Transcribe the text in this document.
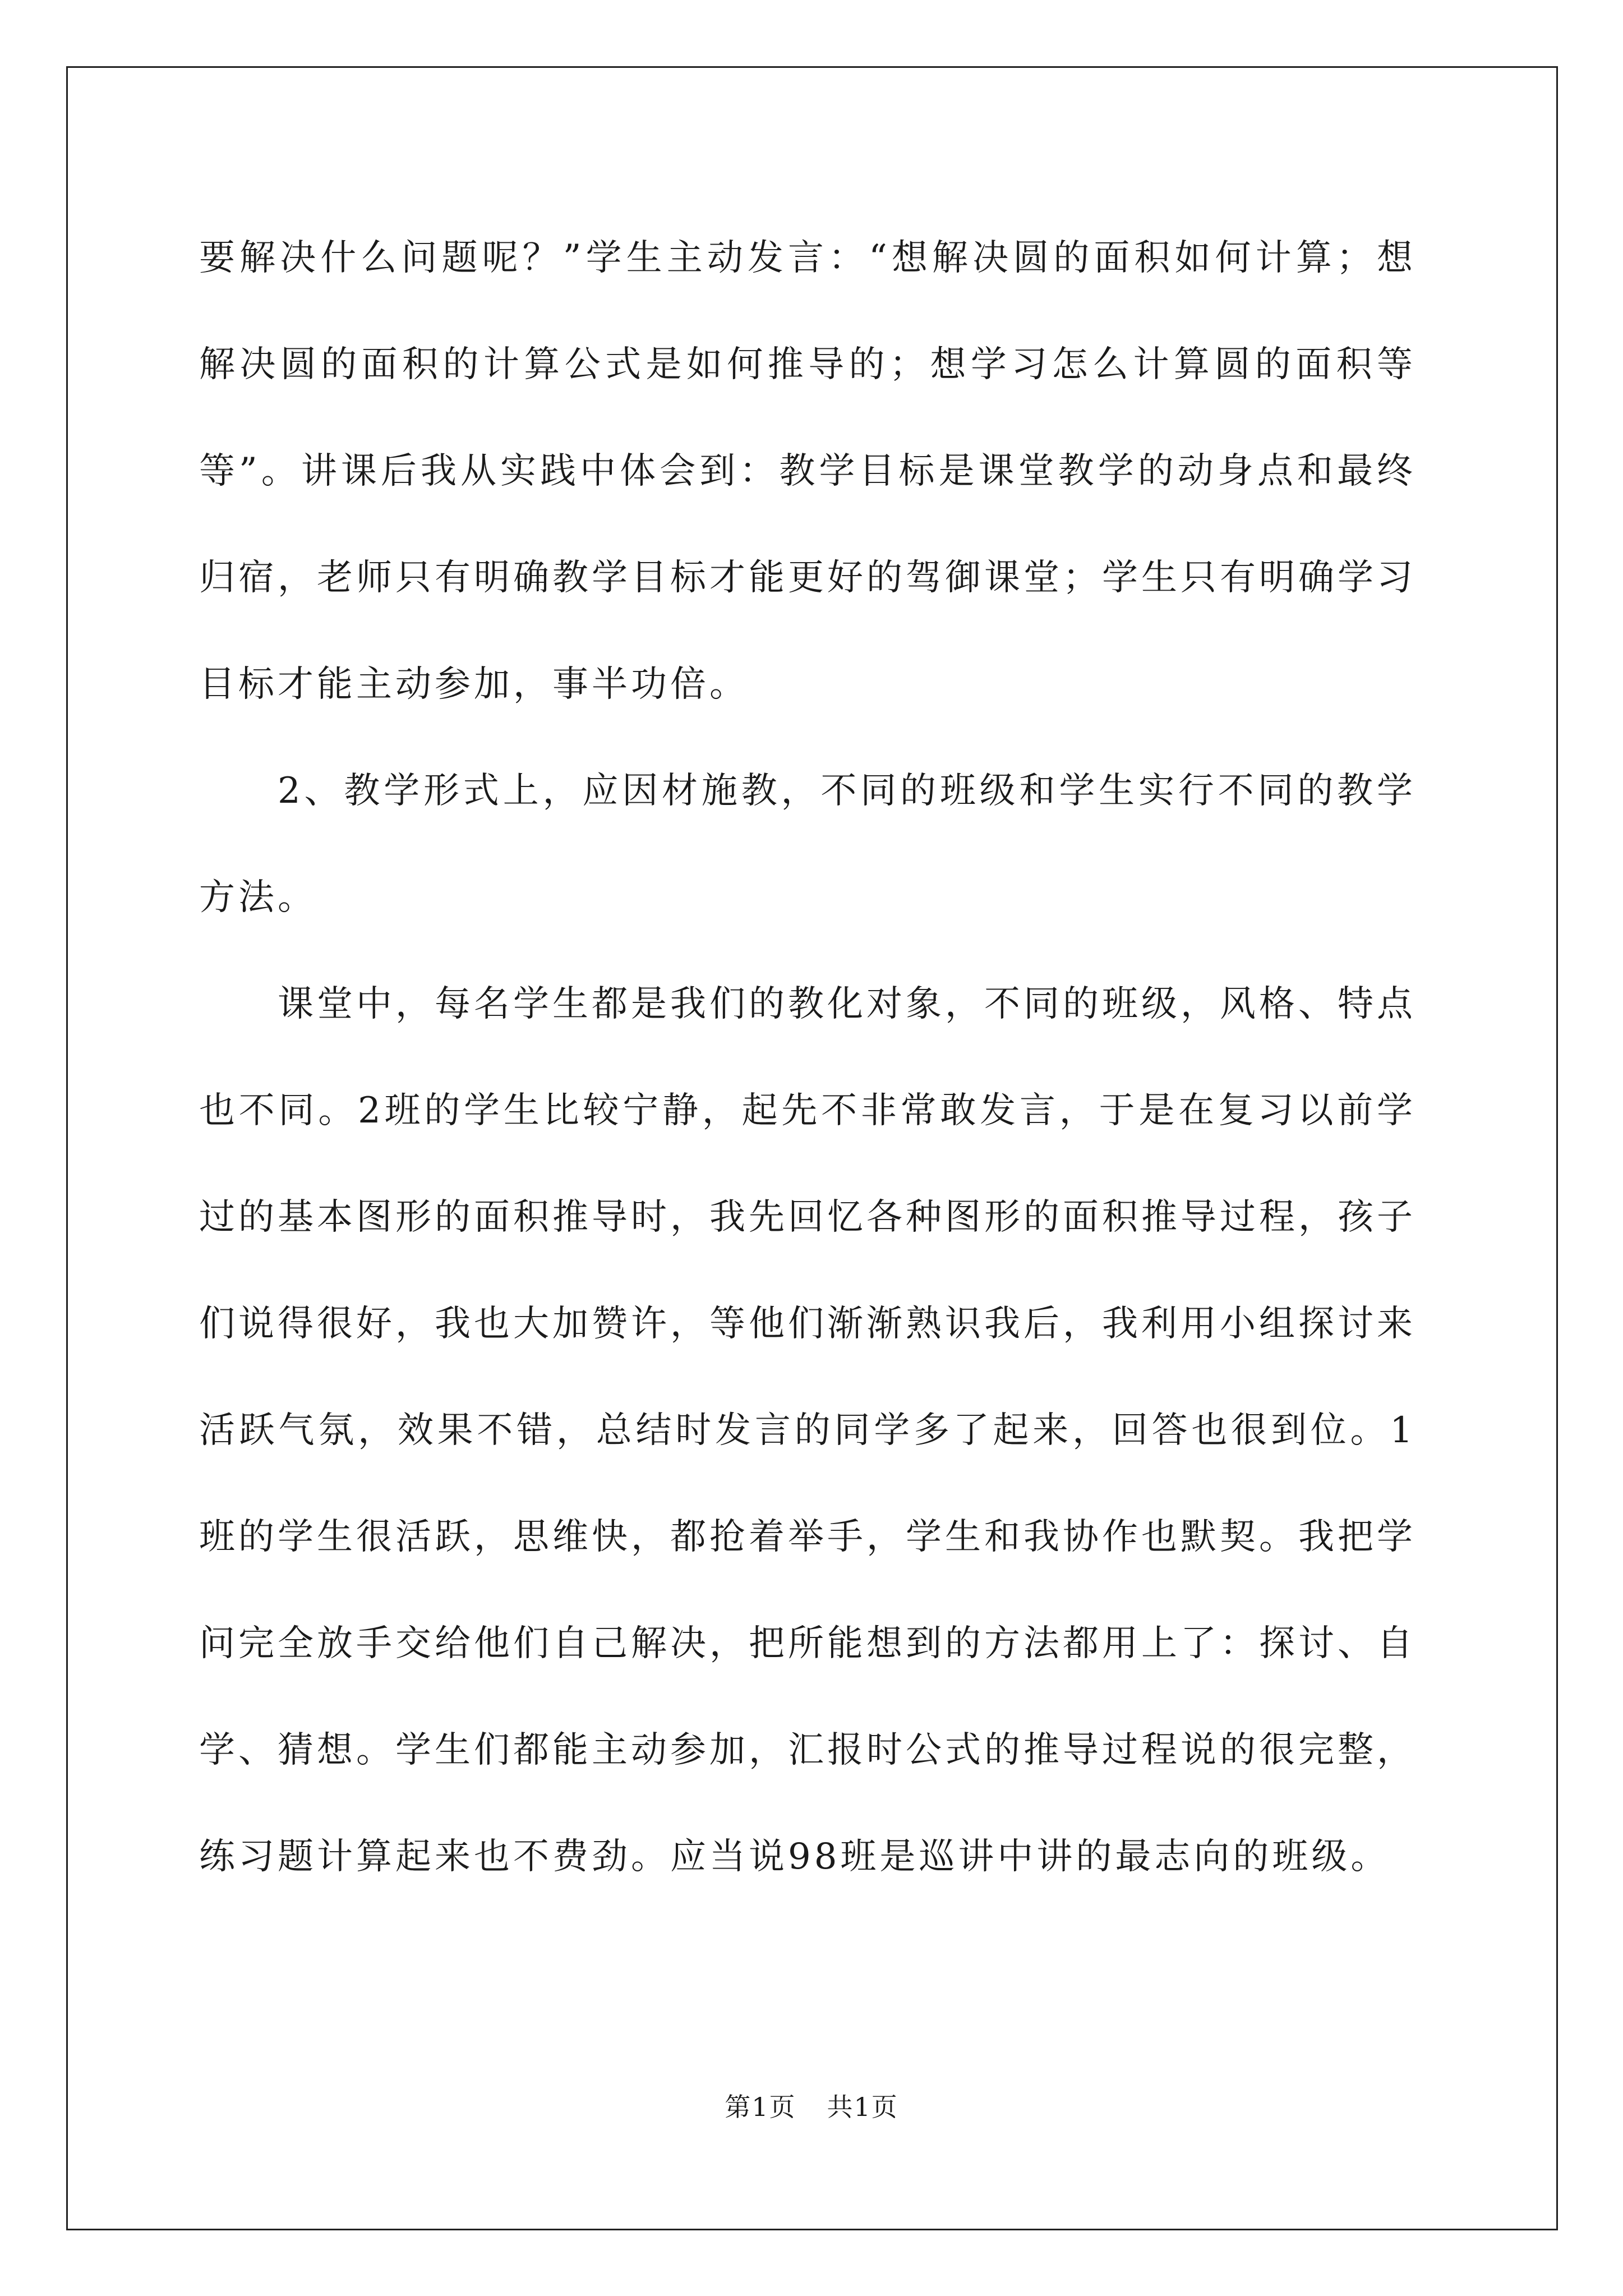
要解决什么问题呢？”学生主动发言：“想解决圆的面积如何计算；想解决圆的面积的计算公式是如何推导的；想学习怎么计算圆的面积等等”。讲课后我从实践中体会到：教学目标是课堂教学的动身点和最终归宿，老师只有明确教学目标才能更好的驾御课堂；学生只有明确学习目标才能主动参加，事半功倍。

2、教学形式上，应因材施教，不同的班级和学生实行不同的教学方法。

课堂中，每名学生都是我们的教化对象，不同的班级，风格、特点也不同。2班的学生比较宁静，起先不非常敢发言，于是在复习以前学过的基本图形的面积推导时，我先回忆各种图形的面积推导过程，孩子们说得很好，我也大加赞许，等他们渐渐熟识我后，我利用小组探讨来活跃气氛，效果不错，总结时发言的同学多了起来，回答也很到位。1班的学生很活跃，思维快，都抢着举手，学生和我协作也默契。我把学问完全放手交给他们自己解决，把所能想到的方法都用上了：探讨、自学、猜想。学生们都能主动参加，汇报时公式的推导过程说的很完整，练习题计算起来也不费劲。应当说98班是巡讲中讲的最志向的班级。

第1页 共1页
